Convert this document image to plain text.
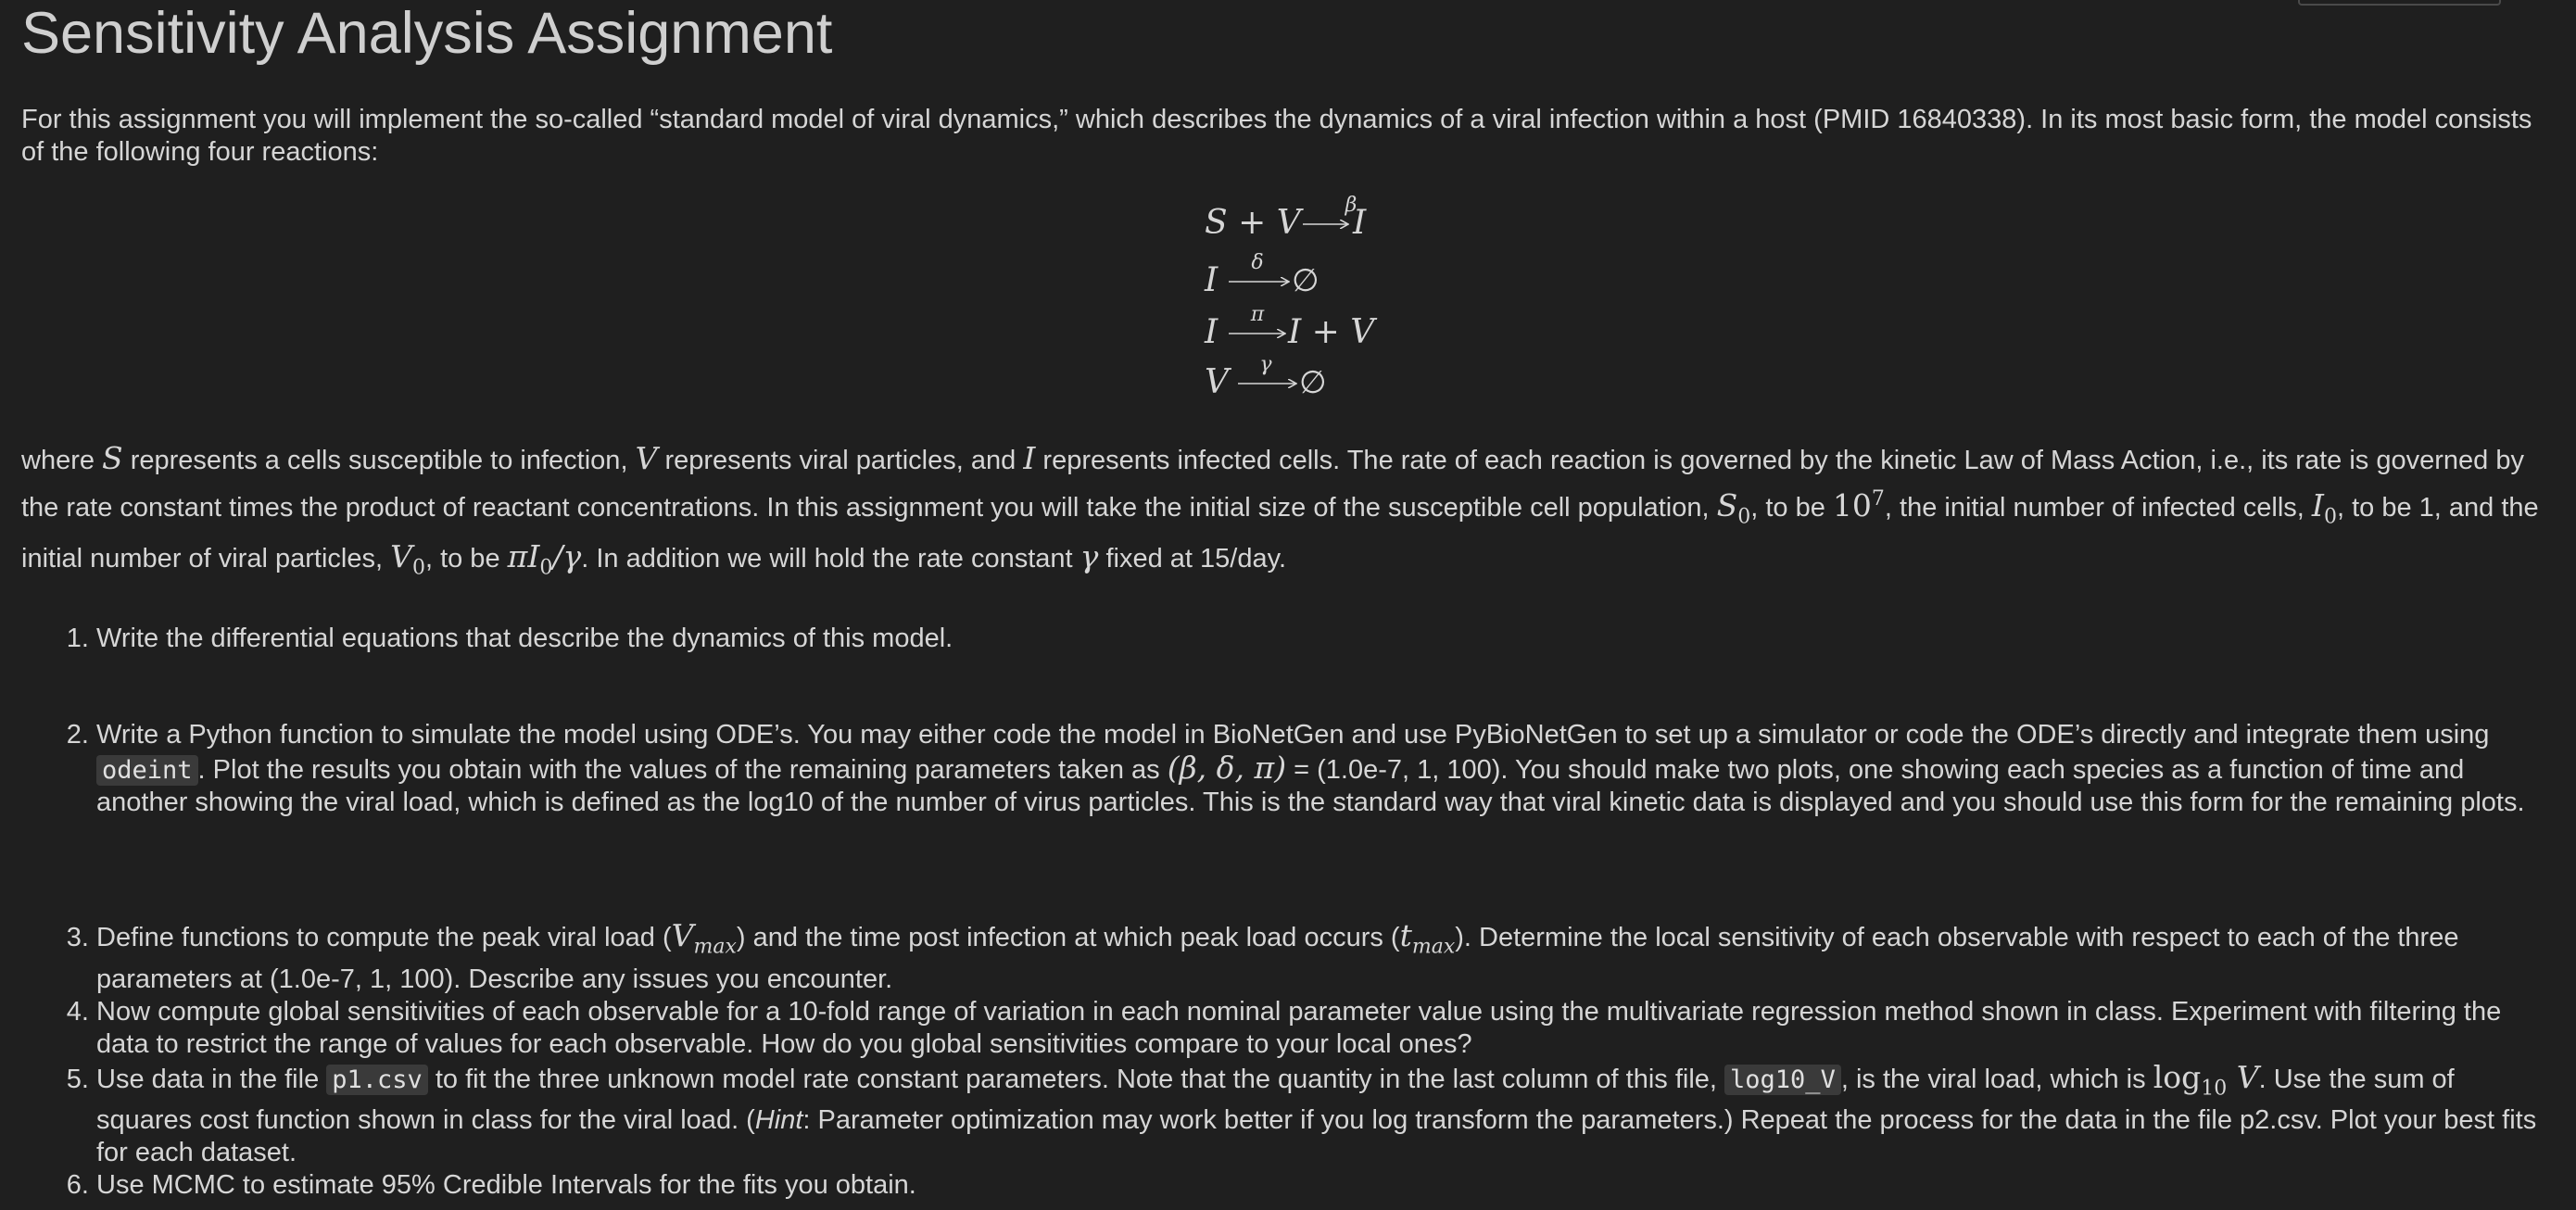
Sensitivity Analysis Assignment

For this assignment you will implement the so-called “standard model of viral dynamics,” which describes the dynamics of a viral infection within a host (PMID 16840338). In its most basic form, the model consists of the following four reactions:

S + V β
I
I δ ∅
I π I + V
V γ ∅

where S represents a cells susceptible to infection, V represents viral particles, and I represents infected cells. The rate of each reaction is governed by the kinetic Law of Mass Action, i.e., its rate is governed by the rate constant times the product of reactant concentrations. In this assignment you will take the initial size of the susceptible cell population, $S_0$, to be $10^7$, the initial number of infected cells, $I_0$, to be 1, and the initial number of viral particles, $V_0$, to be $\pi I_0/\gamma$. In addition we will hold the rate constant γ fixed at 15/day.

1. Write the differential equations that describe the dynamics of this model.
2. Write a Python function to simulate the model using ODE’s. You may either code the model in BioNetGen and use PyBioNetGen to set up a simulator or code the ODE’s directly and integrate them using odeint . Plot the results you obtain with the values of the remaining parameters taken as (β, δ, π) = (1.0e-7, 1, 100). You should make two plots, one showing each species as a function of time and another showing the viral load, which is defined as the log10 of the number of virus particles. This is the standard way that viral kinetic data is displayed and you should use this form for the remaining plots.
3. Define functions to compute the peak viral load $(V_{max})$ and the time post infection at which peak load occurs $(t_{max})$. Determine the local sensitivity of each observable with respect to each of the three parameters at (1.0e-7, 1, 100). Describe any issues you encounter.
4. Now compute global sensitivities of each observable for a 10-fold range of variation in each nominal parameter value using the multivariate regression method shown in class. Experiment with filtering the data to restrict the range of values for each observable. How do you global sensitivities compare to your local ones?
5. Use data in the file p1.csv to fit the three unknown model rate constant parameters. Note that the quantity in the last column of this file, log10_V , is the viral load, which is $\log_{10} V$. Use the sum of squares cost function shown in class for the viral load. (Hint: Parameter optimization may work better if you log transform the parameters.) Repeat the process for the data in the file p2.csv. Plot your best fits for each dataset.
6. Use MCMC to estimate 95% Credible Intervals for the fits you obtain.
